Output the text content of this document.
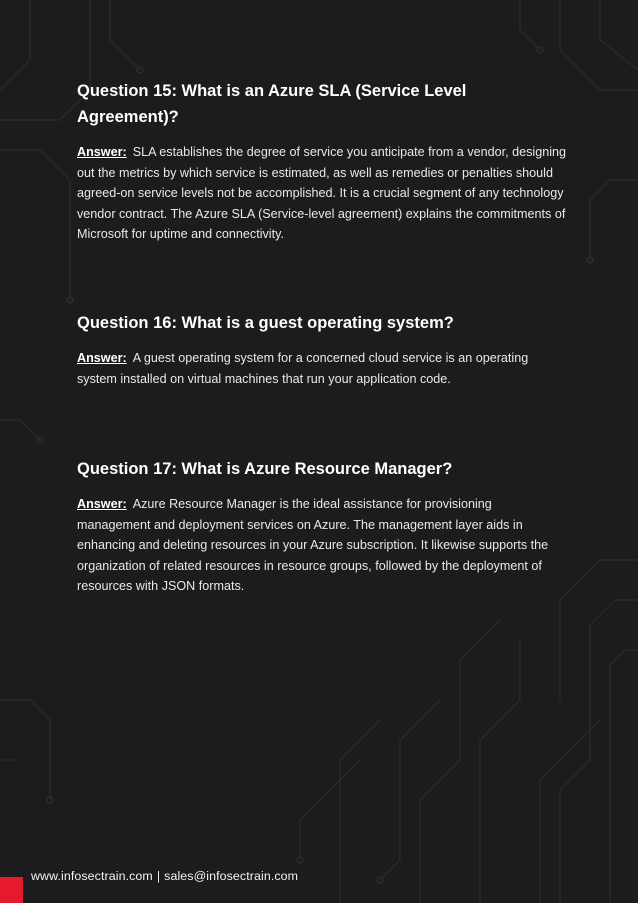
Question 15: What is an Azure SLA (Service Level Agreement)?

Answer: SLA establishes the degree of service you anticipate from a vendor, designing out the metrics by which service is estimated, as well as remedies or penalties should agreed-on service levels not be accomplished. It is a crucial segment of any technology vendor contract. The Azure SLA (Service-level agreement) explains the commitments of Microsoft for uptime and connectivity.

Question 16: What is a guest operating system?

Answer: A guest operating system for a concerned cloud service is an operating system installed on virtual machines that run your application code.

Question 17: What is Azure Resource Manager?

Answer: Azure Resource Manager is the ideal assistance for provisioning management and deployment services on Azure. The management layer aids in enhancing and deleting resources in your Azure subscription. It likewise supports the organization of related resources in resource groups, followed by the deployment of resources with JSON formats.

www.infosectrain.com | sales@infosectrain.com
